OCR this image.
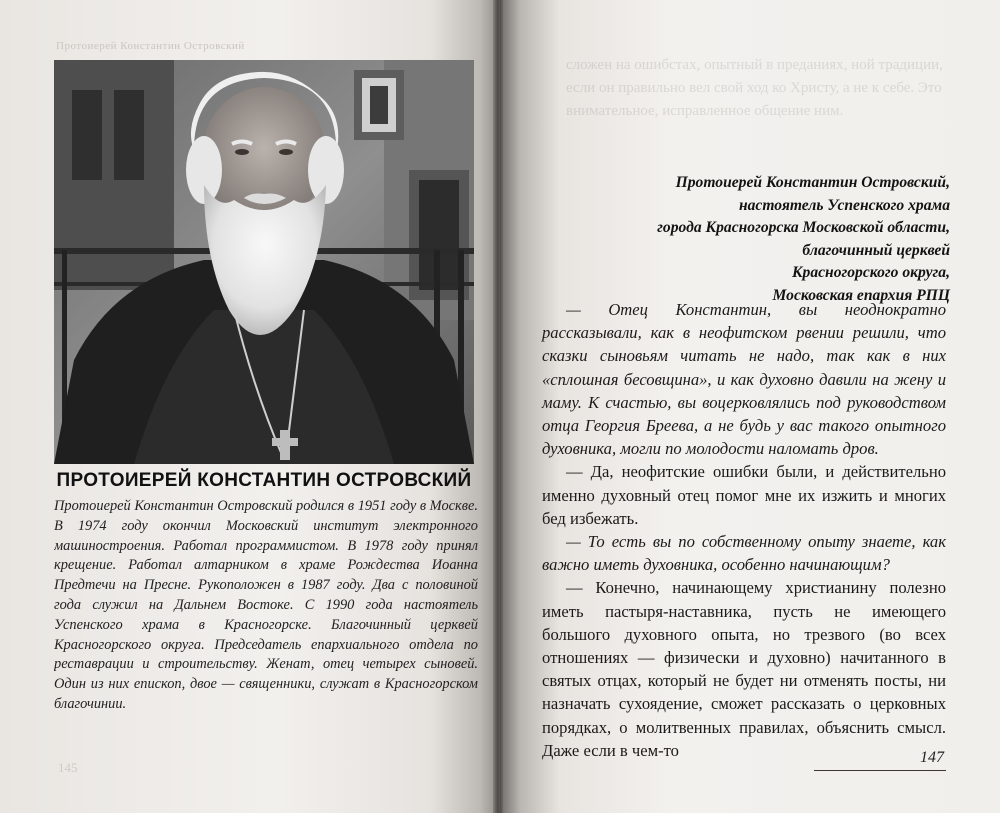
Протоиерей Константин Островский
ПРОТОИЕРЕЙ КОНСТАНТИН ОСТРОВСКИЙ
Протоиерей Константин Островский родился в 1951 году в Москве. В 1974 году окончил Московский институт электронного машиностроения. Работал программистом. В 1978 году принял крещение. Работал алтарником в храме Рождества Иоанна Предтечи на Пресне. Рукоположен в 1987 году. Два с половиной года служил на Дальнем Востоке. С 1990 года настоятель Успенского храма в Красногорске. Благочинный церквей Красногорского округа. Председатель епархиального отдела по реставрации и строительству. Женат, отец четырех сыновей. Один из них епископ, двое — священники, служат в Красногорском благочинии.
145
сложен на ошибстах, опытный в преданиях, ной традиции, если он правильно вел свой ход ко Христу, а не к себе. Это внимательное, исправленное общение ним.
Протоиерей Константин Островский,
настоятель Успенского храма
города Красногорска Московской области,
благочинный церквей
Красногорского округа,
Московская епархия РПЦ

— Отец Константин, вы неоднократно рассказывали, как в неофитском рвении решили, что сказки сыновьям читать не надо, так как в них «сплошная бесовщина», и как духовно давили на жену и маму. К счастью, вы воцерковлялись под руководством отца Георгия Бреева, а не будь у вас такого опытного духовника, могли по молодости наломать дров.

— Да, неофитские ошибки были, и действительно именно духовный отец помог мне их изжить и многих бед избежать.

— То есть вы по собственному опыту знаете, как важно иметь духовника, особенно начинающим?

— Конечно, начинающему христианину полезно иметь пастыря-наставника, пусть не имеющего большого духовного опыта, но трезвого (во всех отношениях — физически и духовно) начитанного в святых отцах, который не будет ни отменять посты, ни назначать сухоядение, сможет рассказать о церковных порядках, о молитвенных правилах, объяснить смысл. Даже если в чем-то	147
